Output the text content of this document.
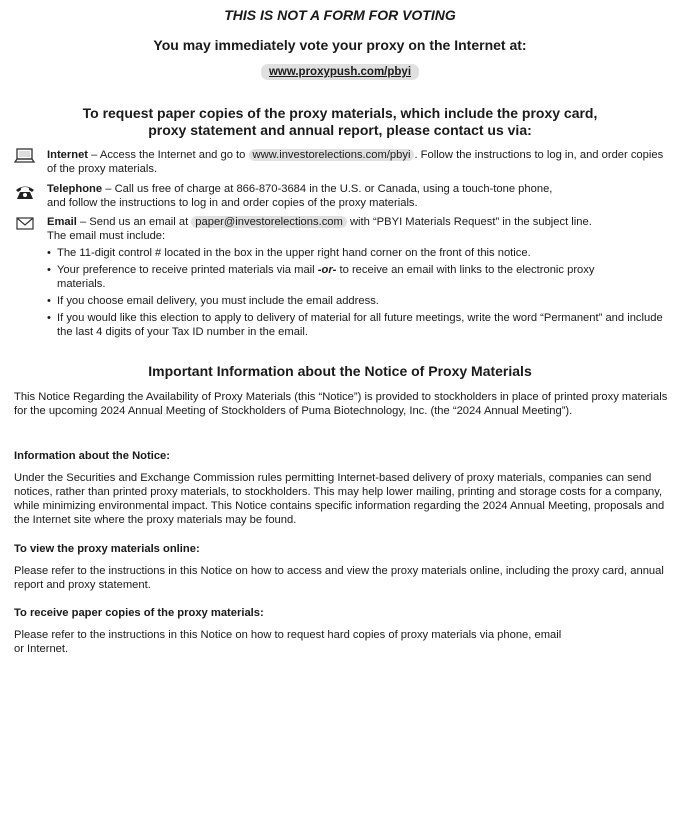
THIS IS NOT A FORM FOR VOTING
You may immediately vote your proxy on the Internet at:
www.proxypush.com/pbyi
To request paper copies of the proxy materials, which include the proxy card,
proxy statement and annual report, please contact us via:
Internet – Access the Internet and go to www.investorelections.com/pbyi . Follow the instructions to log in, and order copies of the proxy materials.
Telephone – Call us free of charge at 866-870-3684 in the U.S. or Canada, using a touch-tone phone,
and follow the instructions to log in and order copies of the proxy materials.
Email – Send us an email at paper@investorelections.com with “PBYI Materials Request” in the subject line.
The email must include:
• The 11-digit control # located in the box in the upper right hand corner on the front of this notice.
• Your preference to receive printed materials via mail -or- to receive an email with links to the electronic proxy materials.
• If you choose email delivery, you must include the email address.
• If you would like this election to apply to delivery of material for all future meetings, write the word “Permanent” and include the last 4 digits of your Tax ID number in the email.
Important Information about the Notice of Proxy Materials
This Notice Regarding the Availability of Proxy Materials (this “Notice”) is provided to stockholders in place of printed proxy materials for the upcoming 2024 Annual Meeting of Stockholders of Puma Biotechnology, Inc. (the “2024 Annual Meeting”).
Information about the Notice:
Under the Securities and Exchange Commission rules permitting Internet-based delivery of proxy materials, companies can send notices, rather than printed proxy materials, to stockholders. This may help lower mailing, printing and storage costs for a company, while minimizing environmental impact. This Notice contains specific information regarding the 2024 Annual Meeting, proposals and the Internet site where the proxy materials may be found.
To view the proxy materials online:
Please refer to the instructions in this Notice on how to access and view the proxy materials online, including the proxy card, annual report and proxy statement.
To receive paper copies of the proxy materials:
Please refer to the instructions in this Notice on how to request hard copies of proxy materials via phone, email
or Internet.
